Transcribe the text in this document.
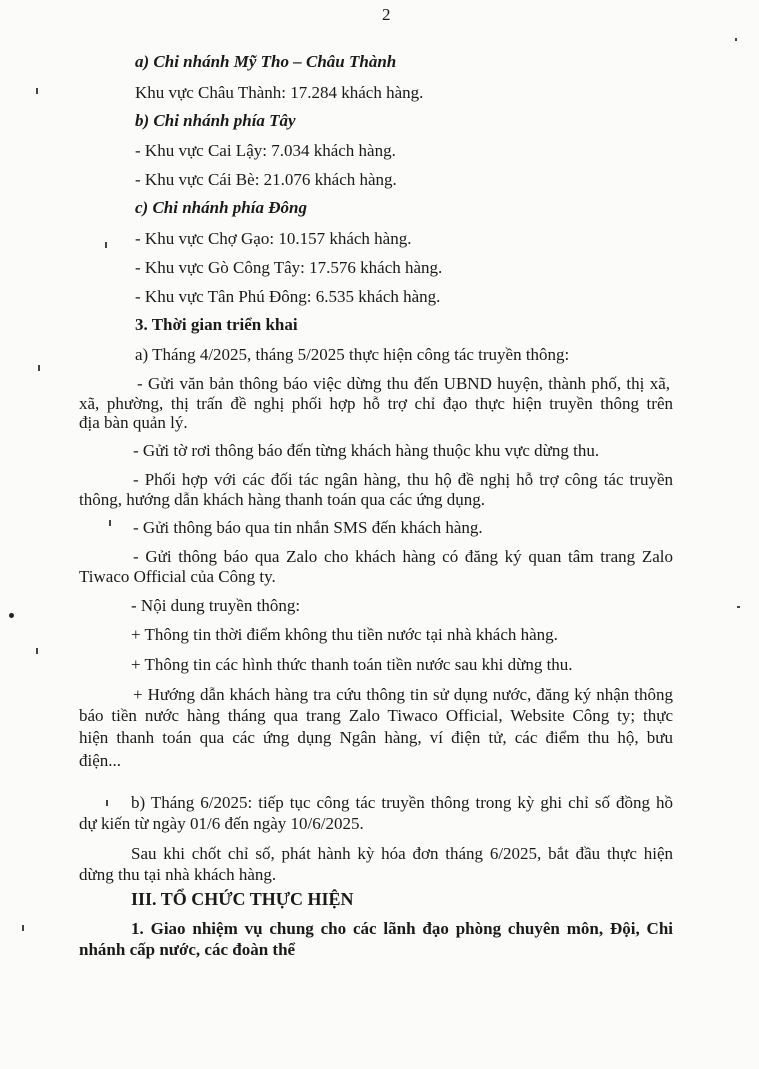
2
a) Chi nhánh Mỹ Tho – Châu Thành
Khu vực Châu Thành: 17.284 khách hàng.
b) Chi nhánh phía Tây
- Khu vực Cai Lậy: 7.034 khách hàng.
- Khu vực Cái Bè: 21.076 khách hàng.
c) Chi nhánh phía Đông
- Khu vực Chợ Gạo: 10.157 khách hàng.
- Khu vực Gò Công Tây: 17.576 khách hàng.
- Khu vực Tân Phú Đông: 6.535 khách hàng.
3. Thời gian triển khai
a) Tháng 4/2025, tháng 5/2025 thực hiện công tác truyền thông:
- Gửi văn bản thông báo việc dừng thu đến UBND huyện, thành phố, thị xã,
xã, phường, thị trấn đề nghị phối hợp hỗ trợ chỉ đạo thực hiện truyền thông trên
địa bàn quản lý.
- Gửi tờ rơi thông báo đến từng khách hàng thuộc khu vực dừng thu.
- Phối hợp với các đối tác ngân hàng, thu hộ đề nghị hỗ trợ công tác truyền
thông, hướng dẫn khách hàng thanh toán qua các ứng dụng.
- Gửi thông báo qua tin nhắn SMS đến khách hàng.
- Gửi thông báo qua Zalo cho khách hàng có đăng ký quan tâm trang Zalo
Tiwaco Official của Công ty.
- Nội dung truyền thông:
+ Thông tin thời điểm không thu tiền nước tại nhà khách hàng.
+ Thông tin các hình thức thanh toán tiền nước sau khi dừng thu.
+ Hướng dẫn khách hàng tra cứu thông tin sử dụng nước, đăng ký nhận thông
báo tiền nước hàng tháng qua trang Zalo Tiwaco Official, Website Công ty; thực
hiện thanh toán qua các ứng dụng Ngân hàng, ví điện tử, các điểm thu hộ, bưu
điện...
b) Tháng 6/2025: tiếp tục công tác truyền thông trong kỳ ghi chỉ số đồng hồ
dự kiến từ ngày 01/6 đến ngày 10/6/2025.
Sau khi chốt chỉ số, phát hành kỳ hóa đơn tháng 6/2025, bắt đầu thực hiện
dừng thu tại nhà khách hàng.
III. TỔ CHỨC THỰC HIỆN
1. Giao nhiệm vụ chung cho các lãnh đạo phòng chuyên môn, Đội, Chi
nhánh cấp nước, các đoàn thể
